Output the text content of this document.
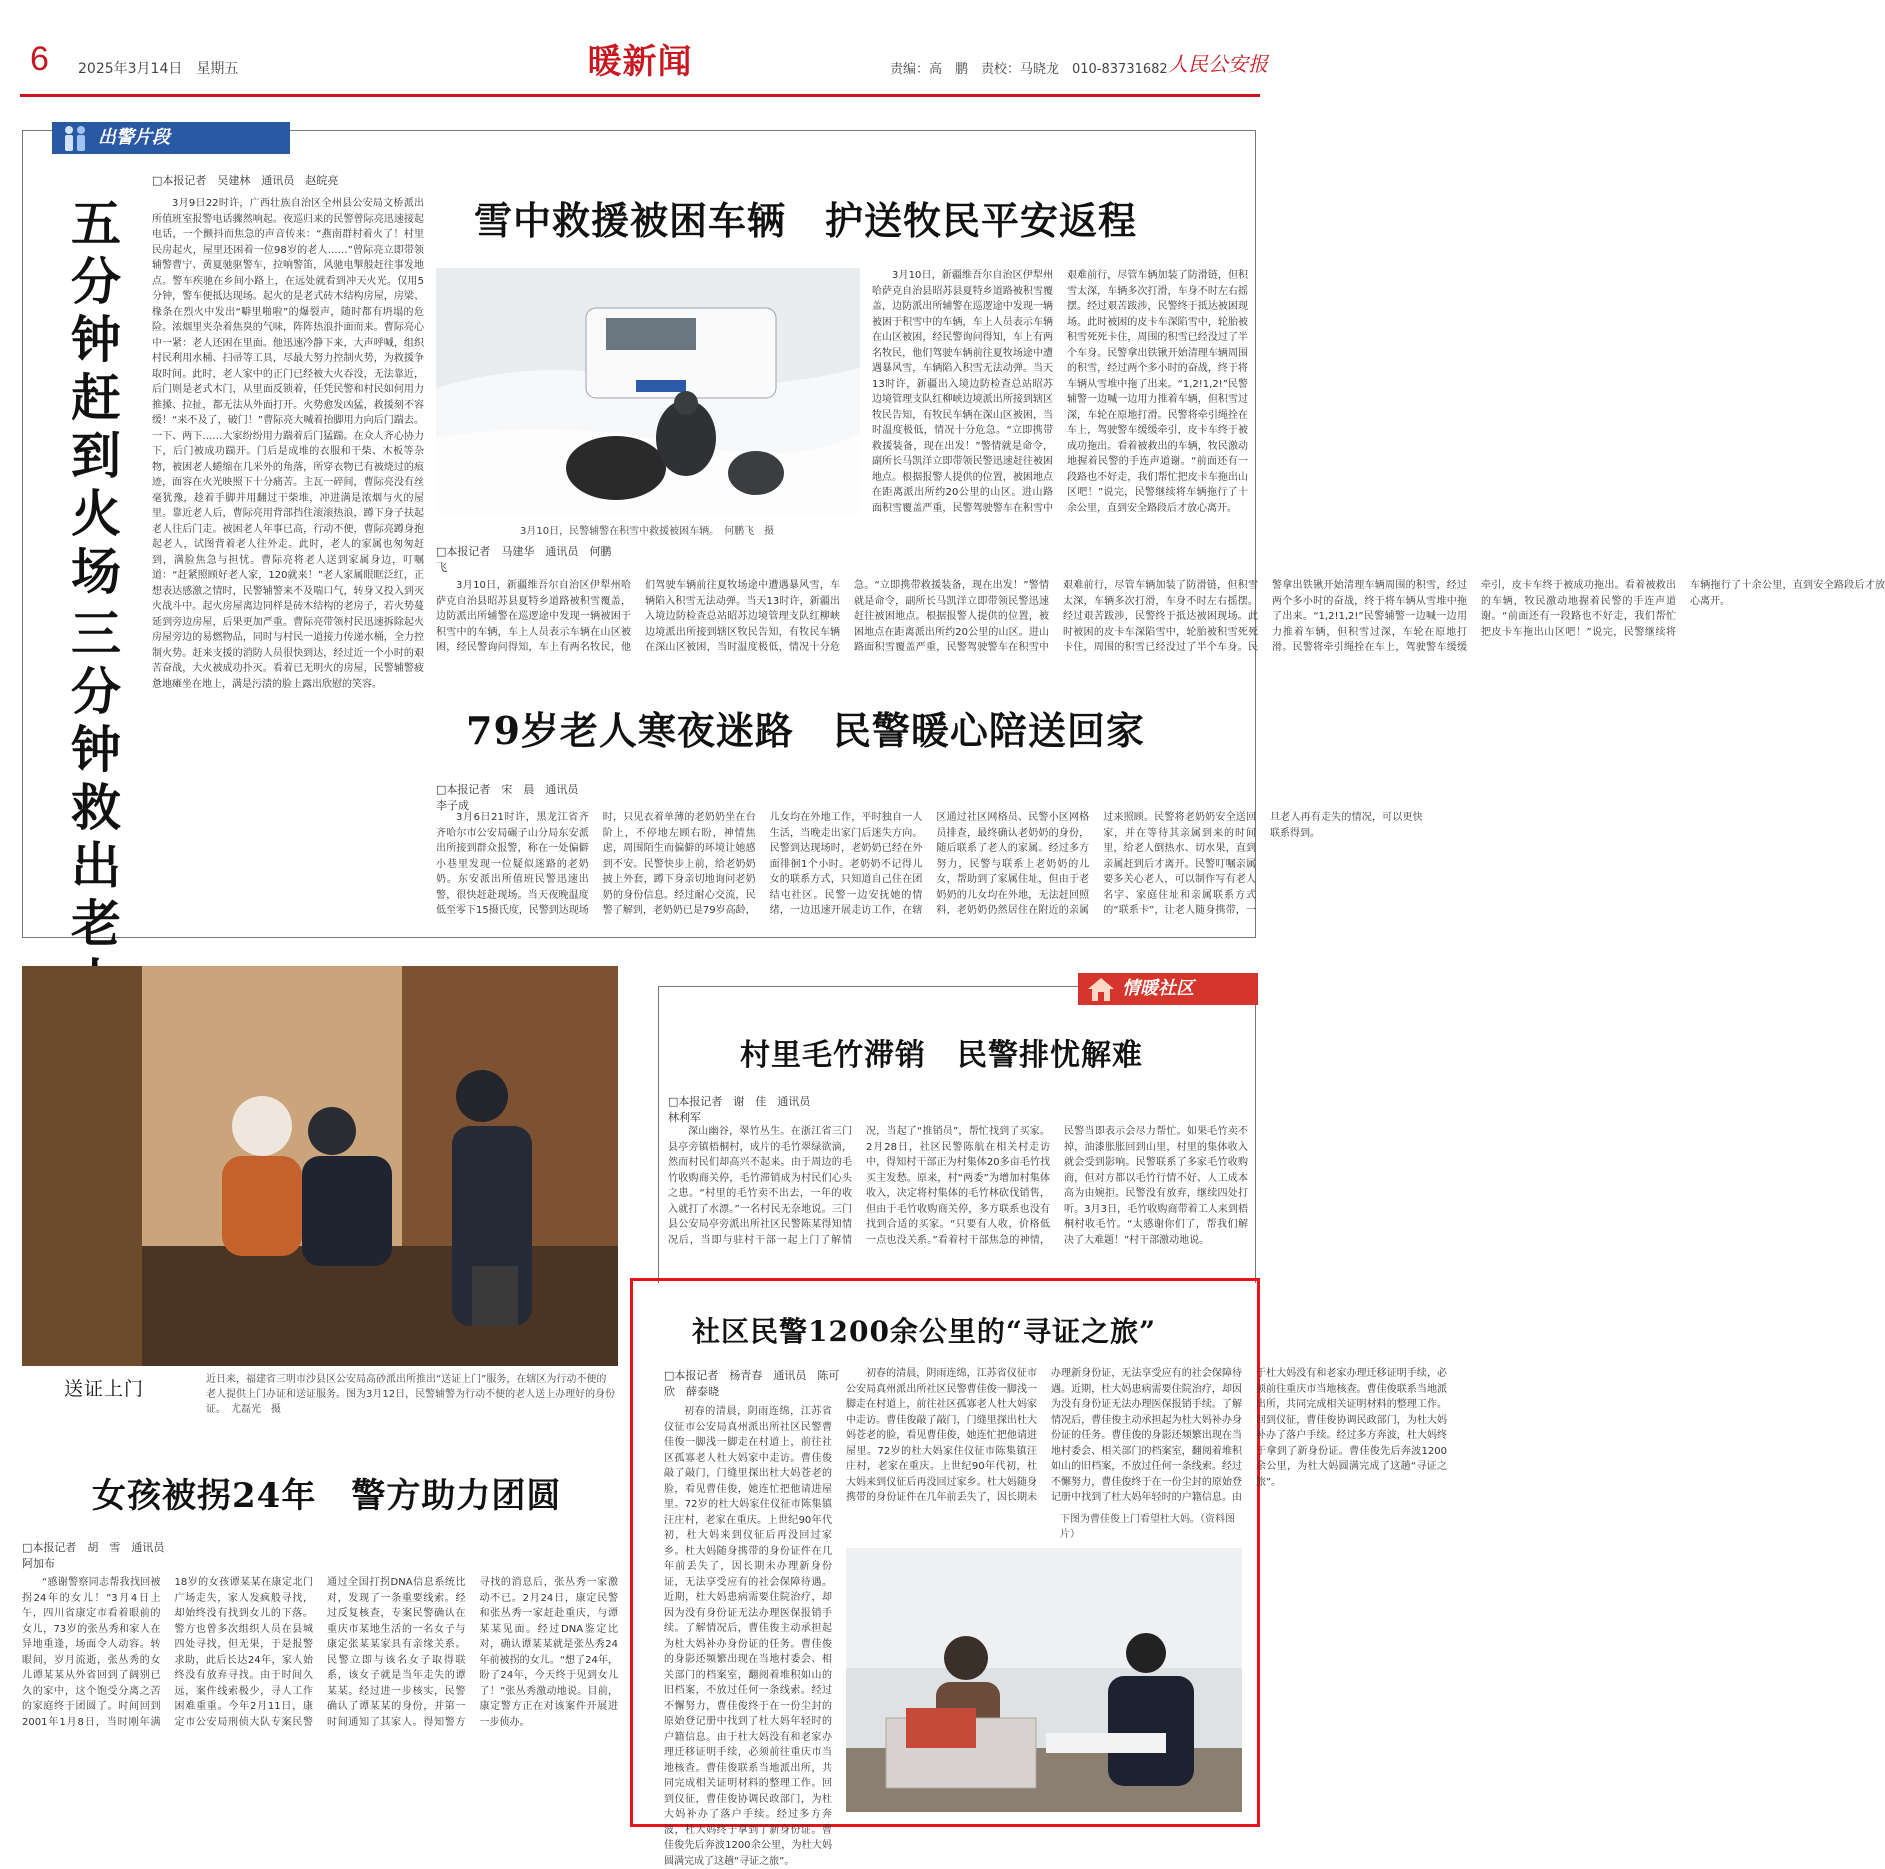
6 2025年3月14日　星期五	暖新闻	责编：高　鹏　责校：马晓龙　010-83731682 人民公安报
出警片段
五
分
钟
赶
到
火
场
三
分
钟
救
出
老
□本报记者　吴建林　通讯员　赵皖亮

3月9日22时许，广西壮族自治区全州县公安局文桥派出所值班室报警电话骤然响起。夜巡归来的民警曾际亮迅速接起电话，一个颤抖而焦急的声音传来：“燕南群村着火了！村里民房起火，屋里还困着一位98岁的老人……”曾际亮立即带领辅警曹宁、黄夏驰驱警车，拉响警笛，风驰电掣般赶往事发地点。警车疾驰在乡间小路上，在远处就看到冲天火光。仅用5分钟，警车便抵达现场。起火的是老式砖木结构房屋，房梁、椽条在烈火中发出“噼里啪啦”的爆裂声，随时都有坍塌的危险。浓烟里夹杂着焦臭的气味，阵阵热浪扑面而来。曹际亮心中一紧：老人还困在里面。他迅速冷静下来，大声呼喊，组织村民利用水桶、扫帚等工具，尽最大努力控制火势，为救援争取时间。此时，老人家中的正门已经被大火吞没，无法靠近，后门则是老式木门，从里面反锁着，任凭民警和村民如何用力推搡、拉扯，都无法从外面打开。火势愈发凶猛，救援刻不容缓！“来不及了，破门！”曹际亮大喊着抬脚用力向后门踹去。一下、两下……大家纷纷用力踹着后门猛踹。在众人齐心协力下，后门被成功踹开。门后是成堆的衣服和干柴、木板等杂物，被困老人蜷缩在几米外的角落，所穿衣物已有被烧过的痕迹，面容在火光映照下十分痛苦。主瓦一碎间，曹际亮没有丝毫犹豫，趁着手脚并用翻过干柴堆，冲进满是浓烟与火的屋里。靠近老人后，曹际亮用背部挡住滚滚热浪，蹲下身子扶起老人往后门走。被困老人年事已高，行动不便，曹际亮蹲身抱起老人，试图背着老人往外走。此时，老人的家属也匆匆赶到，满脸焦急与担忧。曹际亮将老人送到家属身边，叮嘱道：“赶紧照顾好老人家，120就来！”老人家属眼眶泛红，正想表达感激之情时，民警辅警来不及喘口气，转身又投入到灭火战斗中。起火房屋离边同样是砖木结构的老房子，若火势蔓延到旁边房屋，后果更加严重。曹际亮带领村民迅速拆除起火房屋旁边的易燃物品，同时与村民一道接力传递水桶，全力控制火势。赶来支援的消防人员很快到达，经过近一个小时的艰苦奋战，大火被成功扑灭。看着已无明火的房屋，民警辅警疲惫地瘫坐在地上，满是污渍的脸上露出欣慰的笑容。

雪中救援被困车辆　护送牧民平安返程
3月10日，民警辅警在积雪中救援被困车辆。　何鹏飞　摄
□本报记者　马建华　通讯员　何鹏飞

3月10日，新疆维吾尔自治区伊犁州哈萨克自治县昭苏县夏特乡道路被积雪覆盖，边防派出所辅警在巡逻途中发现一辆被困于积雪中的车辆，车上人员表示车辆在山区被困，经民警询问得知，车上有两名牧民，他们驾驶车辆前往夏牧场途中遭遇暴风雪，车辆陷入积雪无法动弹。当天13时许，新疆出入境边防检查总站昭苏边境管理支队红柳峡边境派出所接到辖区牧民告知，有牧民车辆在深山区被困，当时温度极低，情况十分危急。“立即携带救援装备，现在出发！”警情就是命令，副所长马凯洋立即带领民警迅速赶往被困地点。根据报警人提供的位置，被困地点在距离派出所约20公里的山区。进山路面积雪覆盖严重，民警驾驶警车在积雪中艰难前行，尽管车辆加装了防滑链，但积雪太深，车辆多次打滑，车身不时左右摇摆。经过艰苦跋涉，民警终于抵达被困现场。此时被困的皮卡车深陷雪中，轮胎被积雪死死卡住，周围的积雪已经没过了半个车身。民警拿出铁锹开始清理车辆周围的积雪，经过两个多小时的奋战，终于将车辆从雪堆中拖了出来。“1,2!1,2!”民警辅警一边喊一边用力推着车辆，但积雪过深，车轮在原地打滑。民警将牵引绳拴在车上，驾驶警车缓缓牵引，皮卡车终于被成功拖出。看着被救出的车辆，牧民激动地握着民警的手连声道谢。“前面还有一段路也不好走，我们帮忙把皮卡车拖出山区吧！”说完，民警继续将车辆拖行了十余公里，直到安全路段后才放心离开。

3月10日，新疆维吾尔自治区伊犁州哈萨克自治县昭苏县夏特乡道路被积雪覆盖，边防派出所辅警在巡逻途中发现一辆被困于积雪中的车辆，车上人员表示车辆在山区被困，经民警询问得知，车上有两名牧民，他们驾驶车辆前往夏牧场途中遭遇暴风雪，车辆陷入积雪无法动弹。当天13时许，新疆出入境边防检查总站昭苏边境管理支队红柳峡边境派出所接到辖区牧民告知，有牧民车辆在深山区被困，当时温度极低，情况十分危急。“立即携带救援装备，现在出发！”警情就是命令，副所长马凯洋立即带领民警迅速赶往被困地点。根据报警人提供的位置，被困地点在距离派出所约20公里的山区。进山路面积雪覆盖严重，民警驾驶警车在积雪中艰难前行，尽管车辆加装了防滑链，但积雪太深，车辆多次打滑，车身不时左右摇摆。经过艰苦跋涉，民警终于抵达被困现场。此时被困的皮卡车深陷雪中，轮胎被积雪死死卡住，周围的积雪已经没过了半个车身。民警拿出铁锹开始清理车辆周围的积雪，经过两个多小时的奋战，终于将车辆从雪堆中拖了出来。“1,2!1,2!”民警辅警一边喊一边用力推着车辆，但积雪过深，车轮在原地打滑。民警将牵引绳拴在车上，驾驶警车缓缓牵引，皮卡车终于被成功拖出。看着被救出的车辆，牧民激动地握着民警的手连声道谢。“前面还有一段路也不好走，我们帮忙把皮卡车拖出山区吧！”说完，民警继续将车辆拖行了十余公里，直到安全路段后才放心离开。

79岁老人寒夜迷路　民警暖心陪送回家
□本报记者　宋　晨　通讯员　李子成

3月6日21时许，黑龙江省齐齐哈尔市公安局碾子山分局东安派出所接到群众报警，称在一处偏僻小巷里发现一位疑似迷路的老奶奶。东安派出所值班民警迅速出警，很快赶赴现场。当天夜晚温度低至零下15摄氏度，民警到达现场时，只见衣着单薄的老奶奶坐在台阶上，不停地左顾右盼，神情焦虑，周围陌生而偏僻的环境让她感到不安。民警快步上前，给老奶奶披上外套，蹲下身亲切地询问老奶奶的身份信息。经过耐心交流，民警了解到，老奶奶已是79岁高龄，儿女均在外地工作，平时独自一人生活，当晚走出家门后迷失方向。民警到达现场时，老奶奶已经在外面徘徊1个小时。老奶奶不记得儿女的联系方式，只知道自己住在团结屯社区。民警一边安抚她的情绪，一边迅速开展走访工作，在辖区通过社区网格员、民警小区网格员排查，最终确认老奶奶的身份，随后联系了老人的家属。经过多方努力，民警与联系上老奶奶的儿女，帮助到了家属住址，但由于老奶奶的儿女均在外地，无法赶回照料，老奶奶仍然居住在附近的亲属过来照顾。民警将老奶奶安全送回家，并在等待其亲属到来的时间里，给老人倒热水、切水果，直到亲属赶到后才离开。民警叮嘱亲属要多关心老人，可以制作写有老人名字、家庭住址和亲属联系方式的“联系卡”，让老人随身携带，一旦老人再有走失的情况，可以更快联系得到。

送证上门	近日来，福建省三明市沙县区公安局高砂派出所推出“送证上门”服务，在辖区为行动不便的老人提供上门办证和送证服务。图为3月12日，民警辅警为行动不便的老人送上办理好的身份证。　尤磊光　摄
女孩被拐24年　警方助力团圆
□本报记者　胡　雪　通讯员　阿加布

“感谢警察同志帮我找回被拐24年的女儿！”3月4日上午，四川省康定市看着眼前的女儿，73岁的张丛秀和家人在异地重逢，场面令人动容。转眼间，岁月流逝，张丛秀的女儿谭某某从外省回到了阔别已久的家中，这个饱受分离之苦的家庭终于团圆了。时间回到2001年1月8日，当时刚年满18岁的女孩谭某某在康定北门广场走失，家人发疯般寻找，却始终没有找到女儿的下落。警方也曾多次组织人员在县城四处寻找，但无果，于是报警求助，此后长达24年，家人始终没有放弃寻找。由于时间久远，案件线索极少，寻人工作困难重重。今年2月11日，康定市公安局刑侦大队专案民警通过全国打拐DNA信息系统比对，发现了一条重要线索。经过反复核查，专案民警确认在重庆市某地生活的一名女子与康定张某某家具有亲缘关系。民警立即与该名女子取得联系，该女子就是当年走失的谭某某。经过进一步核实，民警确认了谭某某的身份，并第一时间通知了其家人。得知警方寻找的消息后，张丛秀一家激动不已。2月24日，康定民警和张丛秀一家赶赴重庆，与谭某某见面。经过DNA鉴定比对，确认谭某某就是张丛秀24年前被拐的女儿。“想了24年，盼了24年，今天终于见到女儿了！”张丛秀激动地说。目前，康定警方正在对该案件开展进一步侦办。

情暖社区
村里毛竹滞销　民警排忧解难
□本报记者　谢　佳　通讯员　林利军

深山幽谷，翠竹丛生。在浙江省三门县亭旁镇梧桐村，成片的毛竹翠绿欲滴，然而村民们却高兴不起来。由于周边的毛竹收购商关停，毛竹滞销成为村民们心头之患。“村里的毛竹卖不出去，一年的收入就打了水漂。”一名村民无奈地说。三门县公安局亭旁派出所社区民警陈某得知情况后，当即与驻村干部一起上门了解情况，当起了“推销员”，帮忙找到了买家。2月28日，社区民警陈航在相关村走访中，得知村干部正为村集体20多亩毛竹找买主发愁。原来，村“两委”为增加村集体收入，决定将村集体的毛竹林砍伐销售，但由于毛竹收购商关停，多方联系也没有找到合适的买家。“只要有人收，价格低一点也没关系。”看着村干部焦急的神情，民警当即表示会尽力帮忙。如果毛竹卖不掉，油漆胀胀回到山里，村里的集体收入就会受到影响。民警联系了多家毛竹收购商，但对方都以毛竹行情不好、人工成本高为由婉拒。民警没有放弃，继续四处打听。3月3日，毛竹收购商带着工人来到梧桐村收毛竹。“太感谢你们了，帮我们解决了大难题！”村干部激动地说。

社区民警1200余公里的“寻证之旅”
□本报记者　杨青春　通讯员　陈可欣　薛泰晓

初春的清晨，阴雨连绵，江苏省仪征市公安局真州派出所社区民警曹佳俊一脚浅一脚走在村道上，前往社区孤寡老人杜大妈家中走访。曹佳俊敲了敲门，门缝里探出杜大妈苍老的脸，看见曹佳俊，她连忙把他请进屋里。72岁的杜大妈家住仪征市陈集镇汪庄村，老家在重庆。上世纪90年代初，杜大妈来到仪征后再没回过家乡。杜大妈随身携带的身份证件在几年前丢失了，因长期未办理新身份证，无法享受应有的社会保障待遇。近期，杜大妈患病需要住院治疗，却因为没有身份证无法办理医保报销手续。了解情况后，曹佳俊主动承担起为杜大妈补办身份证的任务。曹佳俊的身影还频繁出现在当地村委会、相关部门的档案室，翻阅着堆积如山的旧档案，不放过任何一条线索。经过不懈努力，曹佳俊终于在一份尘封的原始登记册中找到了杜大妈年轻时的户籍信息。由于杜大妈没有和老家办理迁移证明手续，必须前往重庆市当地核查。曹佳俊联系当地派出所，共同完成相关证明材料的整理工作。回到仪征，曹佳俊协调民政部门，为杜大妈补办了落户手续。经过多方奔波，杜大妈终于拿到了新身份证。曹佳俊先后奔波1200余公里，为杜大妈圆满完成了这趟“寻证之旅”。

初春的清晨，阴雨连绵，江苏省仪征市公安局真州派出所社区民警曹佳俊一脚浅一脚走在村道上，前往社区孤寡老人杜大妈家中走访。曹佳俊敲了敲门，门缝里探出杜大妈苍老的脸，看见曹佳俊，她连忙把他请进屋里。72岁的杜大妈家住仪征市陈集镇汪庄村，老家在重庆。上世纪90年代初，杜大妈来到仪征后再没回过家乡。杜大妈随身携带的身份证件在几年前丢失了，因长期未办理新身份证，无法享受应有的社会保障待遇。近期，杜大妈患病需要住院治疗，却因为没有身份证无法办理医保报销手续。了解情况后，曹佳俊主动承担起为杜大妈补办身份证的任务。曹佳俊的身影还频繁出现在当地村委会、相关部门的档案室，翻阅着堆积如山的旧档案，不放过任何一条线索。经过不懈努力，曹佳俊终于在一份尘封的原始登记册中找到了杜大妈年轻时的户籍信息。由于杜大妈没有和老家办理迁移证明手续，必须前往重庆市当地核查。曹佳俊联系当地派出所，共同完成相关证明材料的整理工作。回到仪征，曹佳俊协调民政部门，为杜大妈补办了落户手续。经过多方奔波，杜大妈终于拿到了新身份证。曹佳俊先后奔波1200余公里，为杜大妈圆满完成了这趟“寻证之旅”。

下图为曹佳俊上门看望杜大妈。（资料图片）
